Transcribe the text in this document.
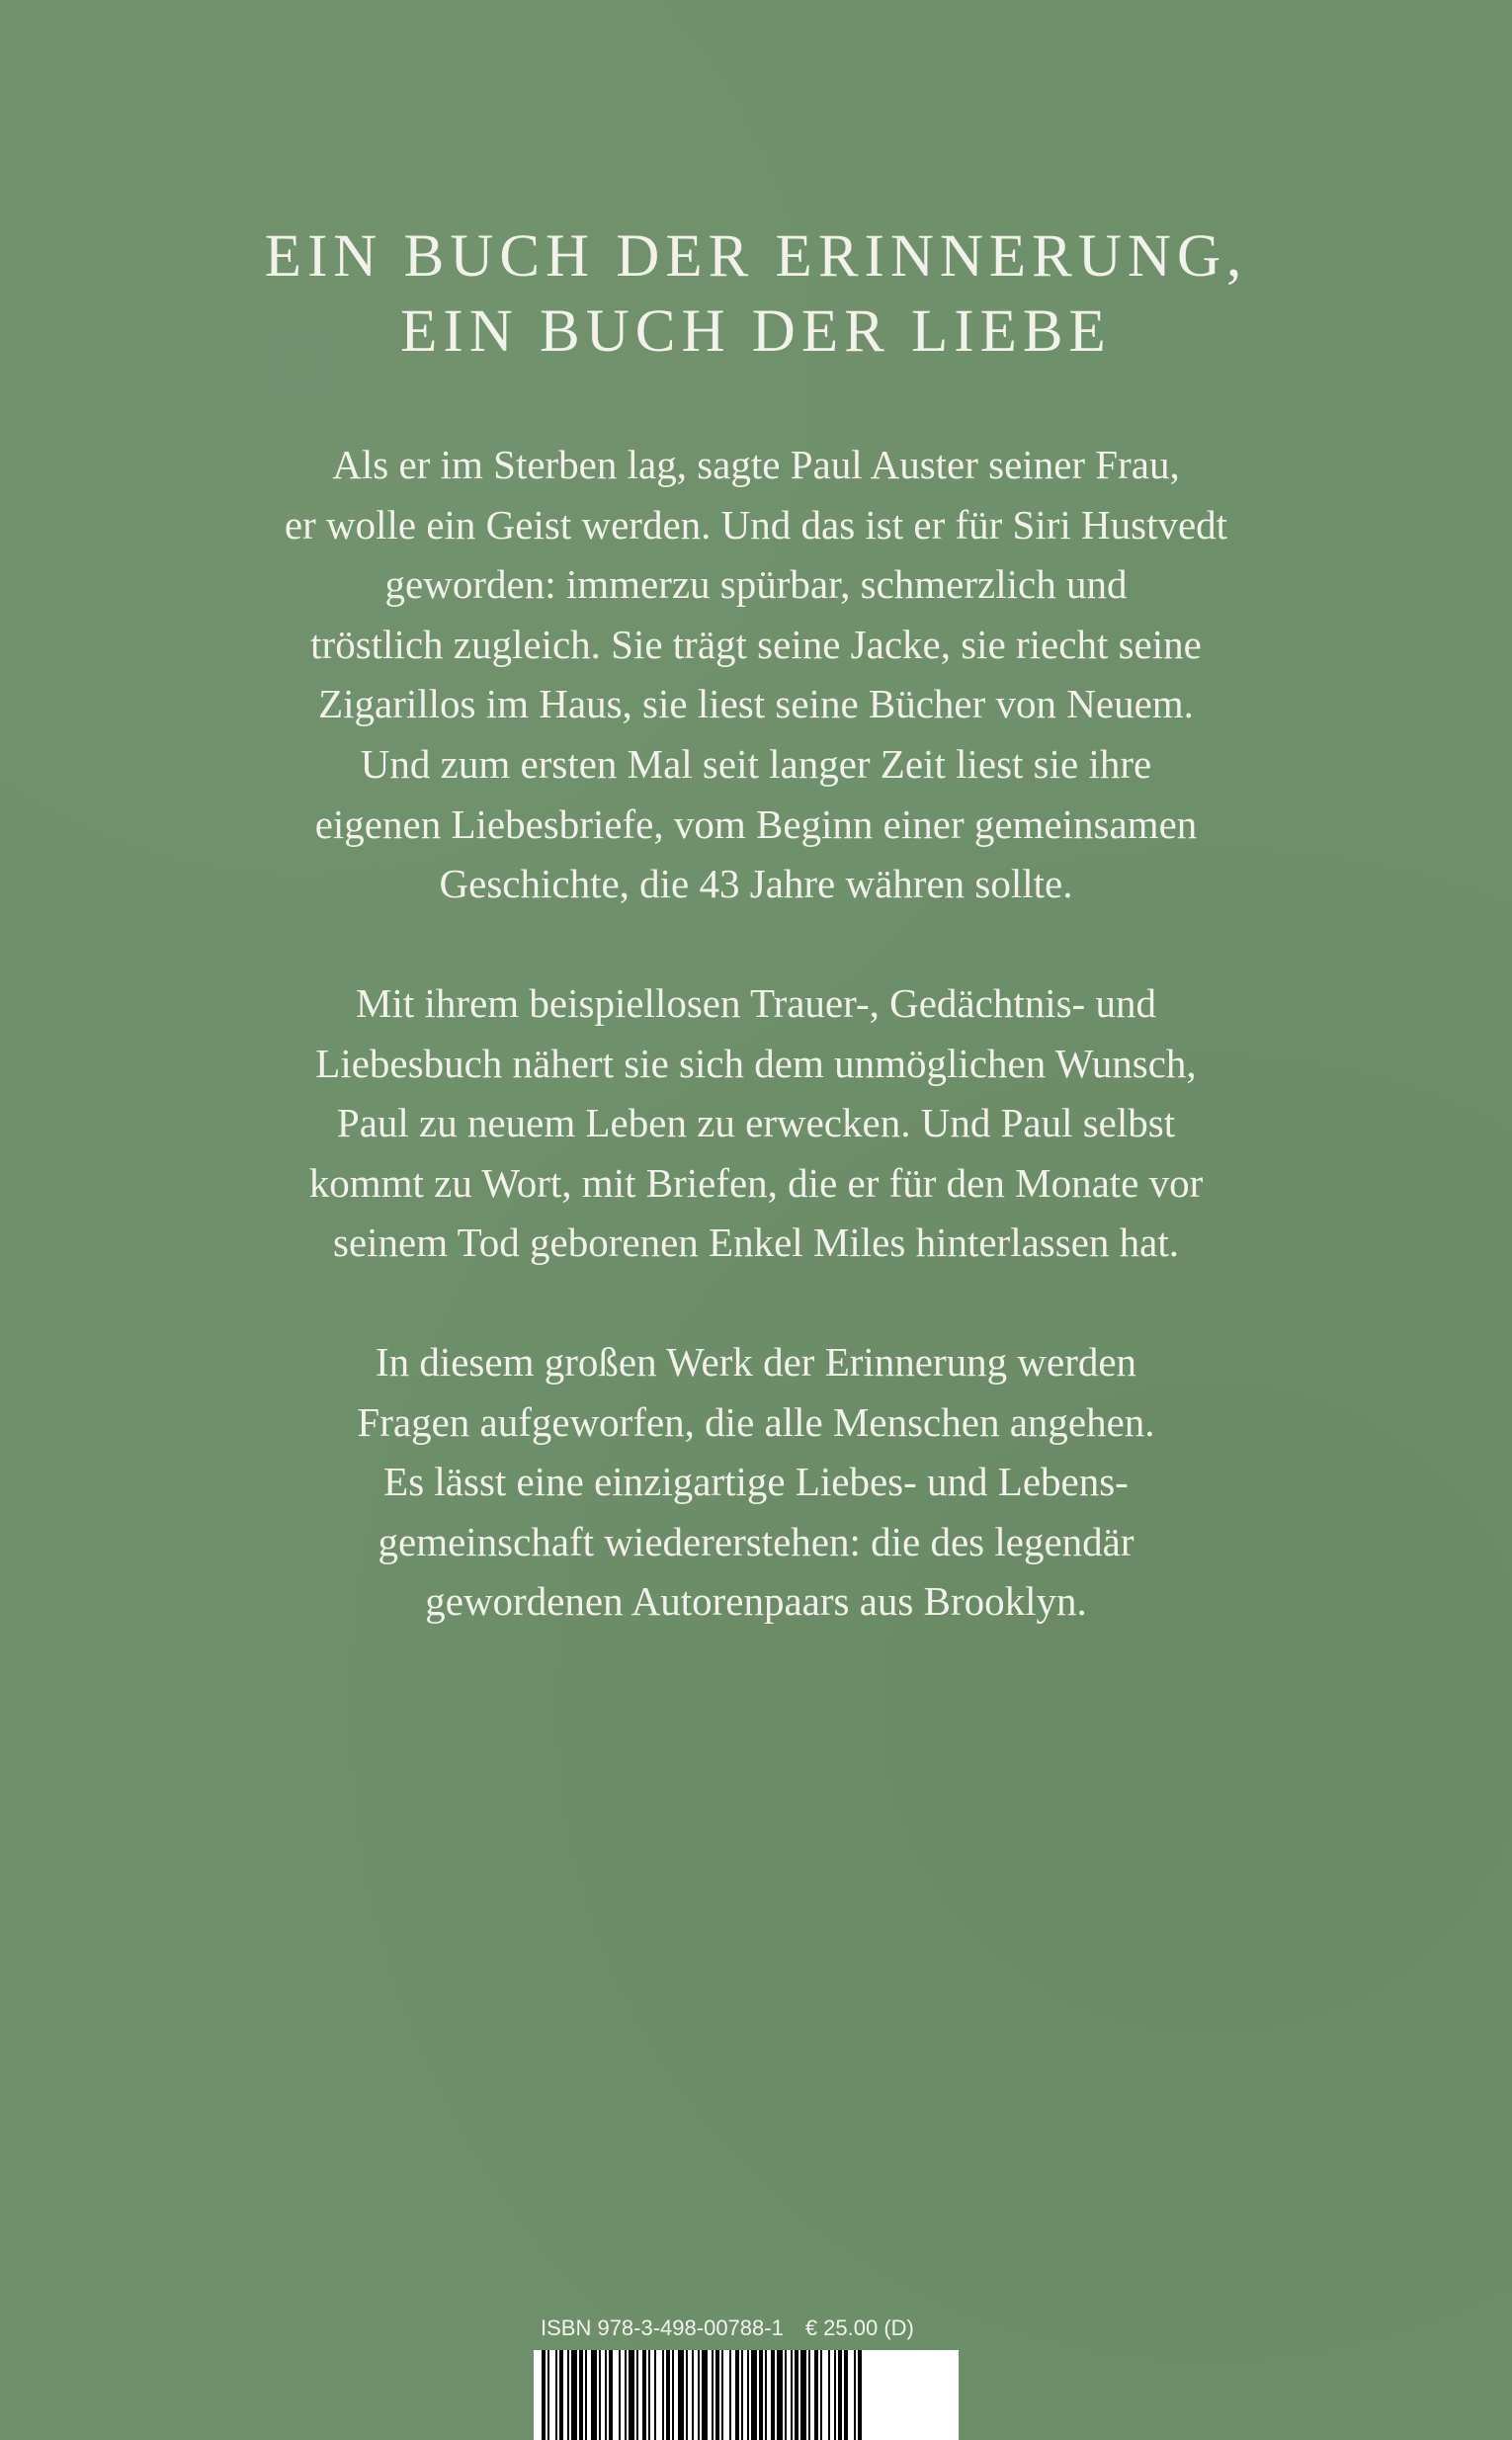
EIN BUCH DER ERINNERUNG,
EIN BUCH DER LIEBE

Als er im Sterben lag, sagte Paul Auster seiner Frau,
er wolle ein Geist werden. Und das ist er für Siri Hustvedt
geworden: immerzu spürbar, schmerzlich und
tröstlich zugleich. Sie trägt seine Jacke, sie riecht seine
Zigarillos im Haus, sie liest seine Bücher von Neuem.
Und zum ersten Mal seit langer Zeit liest sie ihre
eigenen Liebesbriefe, vom Beginn einer gemeinsamen
Geschichte, die 43 Jahre währen sollte.

Mit ihrem beispiellosen Trauer-, Gedächtnis- und
Liebesbuch nähert sie sich dem unmöglichen Wunsch,
Paul zu neuem Leben zu erwecken. Und Paul selbst
kommt zu Wort, mit Briefen, die er für den Monate vor
seinem Tod geborenen Enkel Miles hinterlassen hat.

In diesem großen Werk der Erinnerung werden
Fragen aufgeworfen, die alle Menschen angehen.
Es lässt eine einzigartige Liebes- und Lebens-
gemeinschaft wiedererstehen: die des legendär
gewordenen Autorenpaars aus Brooklyn.

ISBN 978-3-498-00788-1 € 25.00 (D)
